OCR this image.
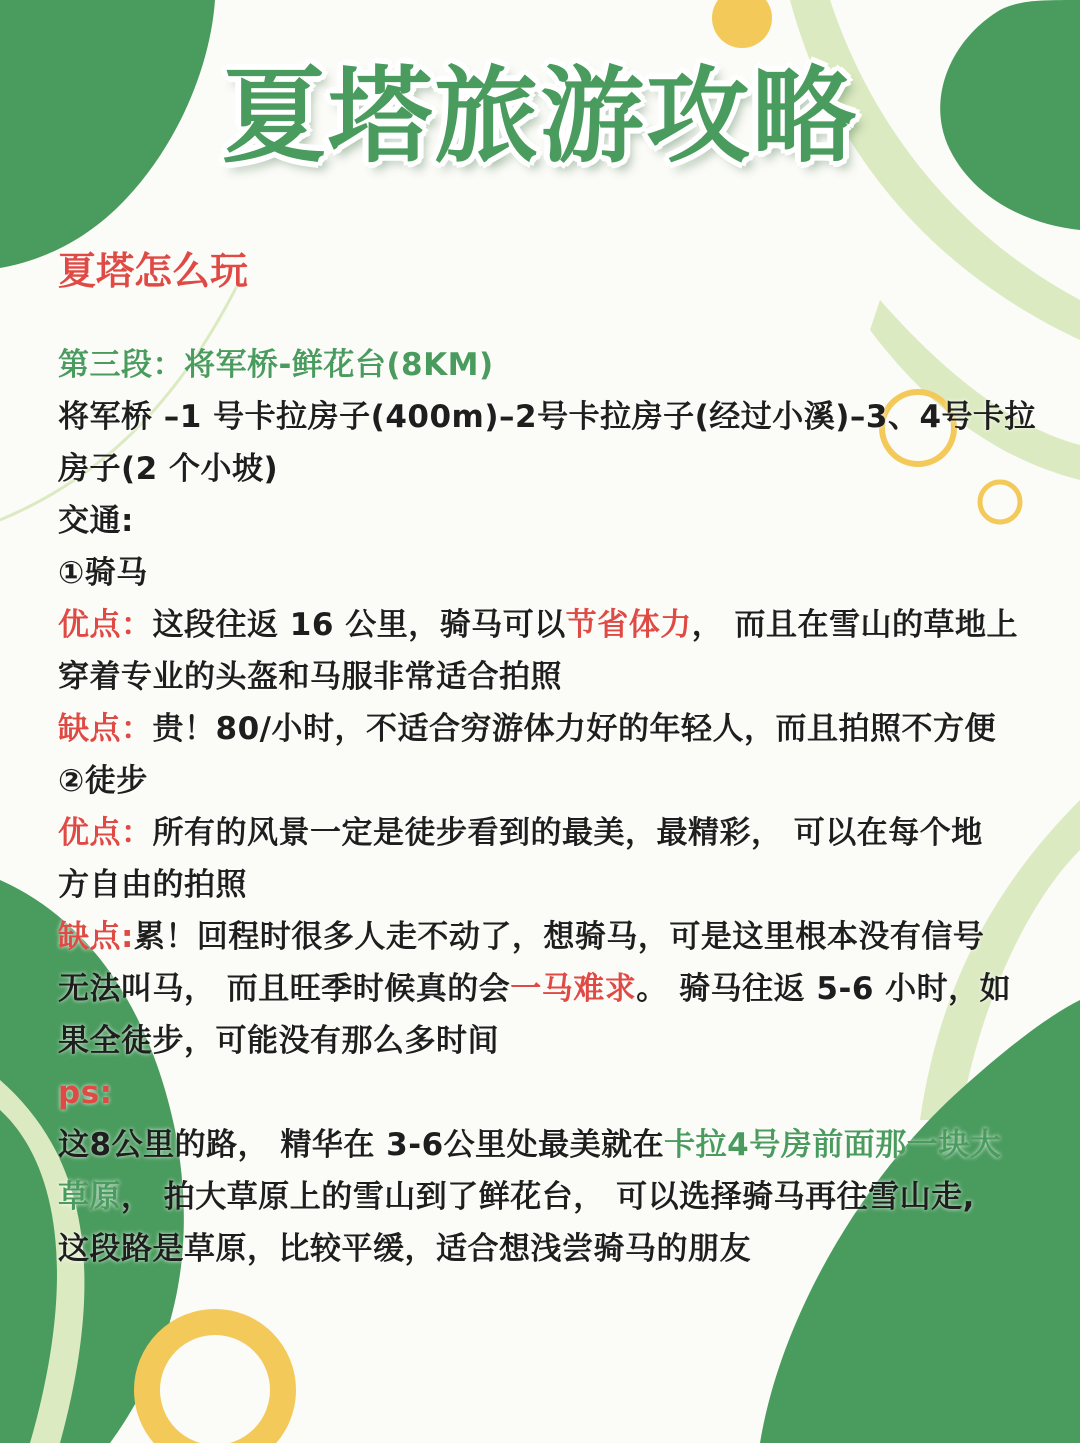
夏塔旅游攻略
夏塔怎么玩
第三段：将军桥-鲜花台(8KM)
将军桥 –1 号卡拉房子(400m)–2号卡拉房子(经过小溪)–3、4号卡拉
房子(2 个小坡)
交通:
①骑马
优点：这段往返 16 公里，骑马可以节省体力， 而且在雪山的草地上
穿着专业的头盔和马服非常适合拍照
缺点：贵！80/小时，不适合穷游体力好的年轻人，而且拍照不方便
②徒步
优点：所有的风景一定是徒步看到的最美，最精彩， 可以在每个地
方自由的拍照
缺点:累！回程时很多人走不动了，想骑马，可是这里根本没有信号
无法叫马， 而且旺季时候真的会一马难求。 骑马往返 5-6 小时，如
果全徒步，可能没有那么多时间
ps:
这8公里的路， 精华在 3-6公里处最美就在卡拉4号房前面那一块大
草原， 拍大草原上的雪山到了鲜花台， 可以选择骑马再往雪山走,
这段路是草原，比较平缓，适合想浅尝骑马的朋友
